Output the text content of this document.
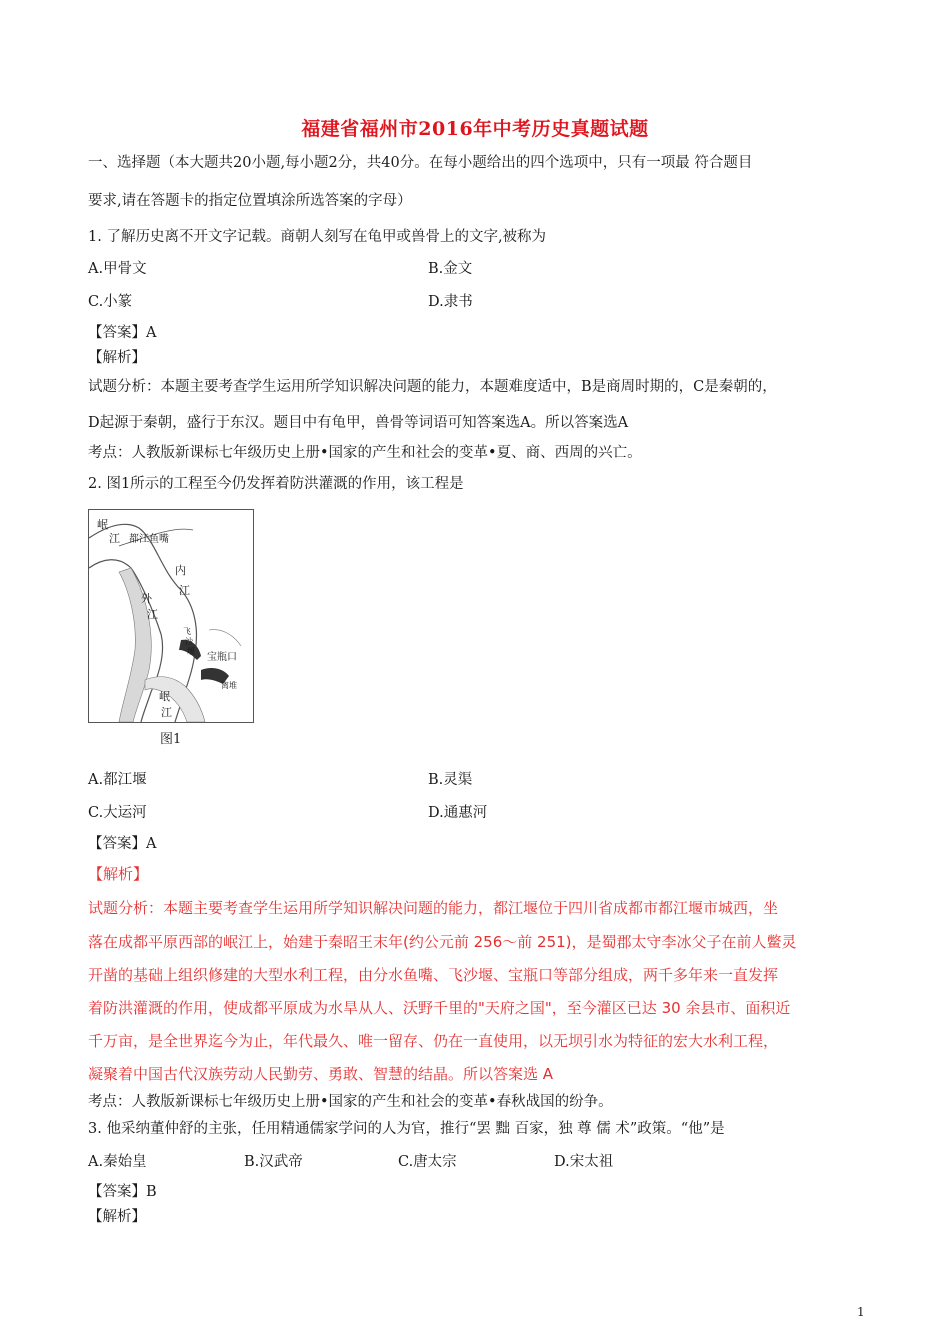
福建省福州市2016年中考历史真题试题
一、选择题（本大题共20小题,每小题2分，共40分。在每小题给出的四个选项中，只有一项最 符合题目
要求,请在答题卡的指定位置填涂所选答案的字母）
1. 了解历史离不开文字记载。商朝人刻写在龟甲或兽骨上的文字,被称为
A.甲骨文	B.金文
C.小篆	D.隶书
【答案】A
【解析】
试题分析：本题主要考查学生运用所学知识解决问题的能力，本题难度适中，B是商周时期的，C是秦朝的，
D起源于秦朝，盛行于东汉。题目中有龟甲，兽骨等词语可知答案选A。所以答案选A
考点：人教版新课标七年级历史上册•国家的产生和社会的变革•夏、商、西周的兴亡。
2. 图1所示的工程至今仍发挥着防洪灌溉的作用，该工程是
岷
江 都江鱼嘴
内
江
外
江
飞
沙
堰
宝瓶口
离堆
岷
江
图1
A.都江堰	B.灵渠
C.大运河	D.通惠河
【答案】A
【解析】
试题分析：本题主要考查学生运用所学知识解决问题的能力，都江堰位于四川省成都市都江堰市城西，坐
落在成都平原西部的岷江上，始建于秦昭王末年(约公元前 256〜前 251)，是蜀郡太守李冰父子在前人鳖灵
开凿的基础上组织修建的大型水利工程，由分水鱼嘴、飞沙堰、宝瓶口等部分组成，两千多年来一直发挥
着防洪灌溉的作用，使成都平原成为水旱从人、沃野千里的"天府之国"，至今灌区已达 30 余县市、面积近
千万亩，是全世界迄今为止，年代最久、唯一留存、仍在一直使用，以无坝引水为特征的宏大水利工程，
凝聚着中国古代汉族劳动人民勤劳、勇敢、智慧的结晶。所以答案选 A
考点：人教版新课标七年级历史上册•国家的产生和社会的变革•春秋战国的纷争。
3. 他采纳董仲舒的主张，任用精通儒家学问的人为官，推行“罢 黜 百家，独 尊 儒 术”政策。“他”是
A.秦始皇	B.汉武帝	C.唐太宗	D.宋太祖
【答案】B
【解析】
1
